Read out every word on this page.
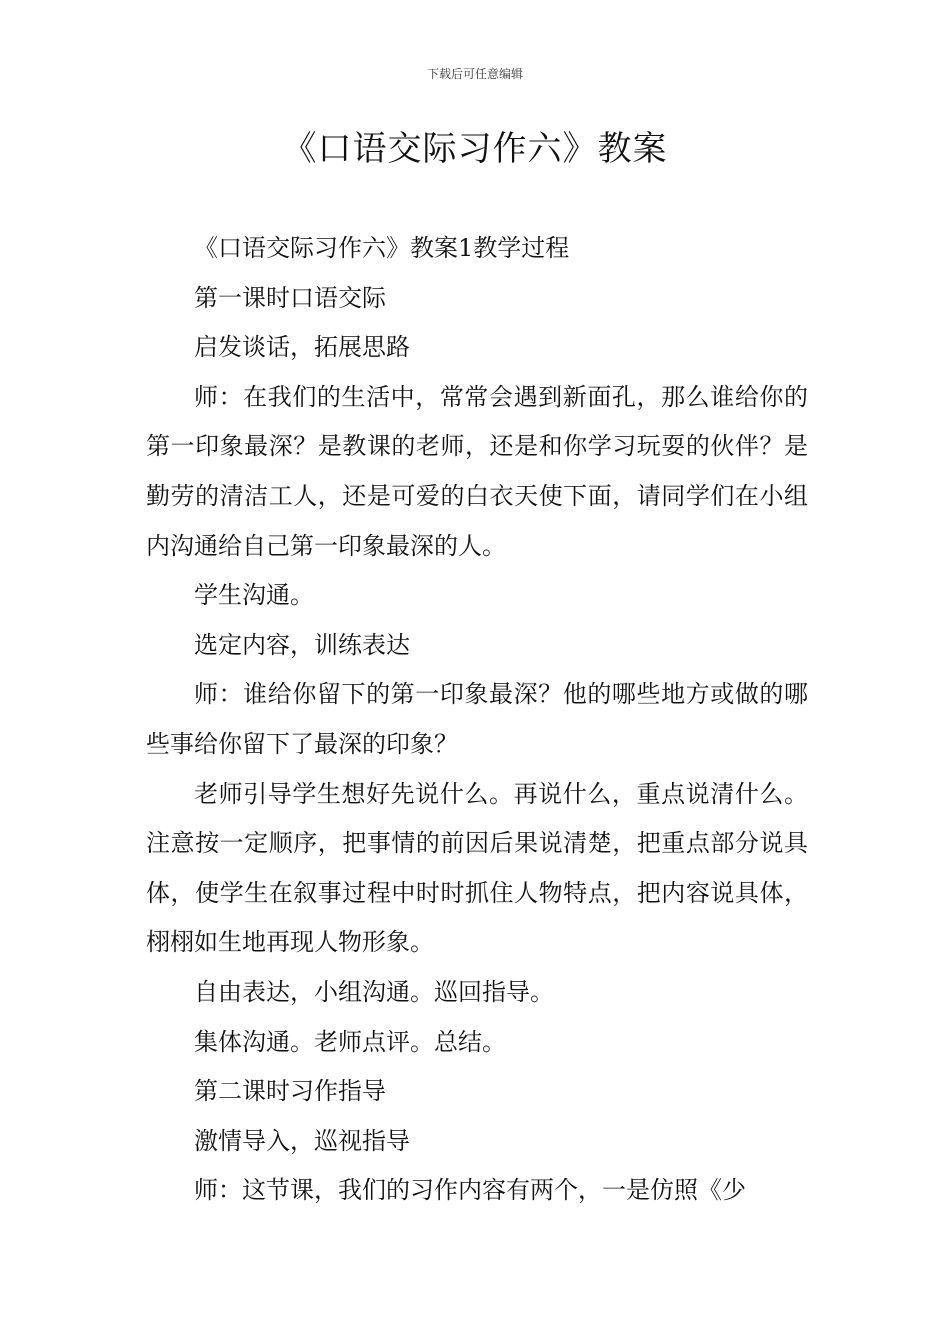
下载后可任意编辑
《口语交际习作六》教案

《口语交际习作六》教案1教学过程

第一课时口语交际

启发谈话，拓展思路

师：在我们的生活中，常常会遇到新面孔，那么谁给你的第一印象最深？是教课的老师，还是和你学习玩耍的伙伴？是勤劳的清洁工人，还是可爱的白衣天使下面，请同学们在小组内沟通给自己第一印象最深的人。

学生沟通。

选定内容，训练表达

师：谁给你留下的第一印象最深？他的哪些地方或做的哪些事给你留下了最深的印象？

老师引导学生想好先说什么。再说什么，重点说清什么。注意按一定顺序，把事情的前因后果说清楚，把重点部分说具体，使学生在叙事过程中时时抓住人物特点，把内容说具体，栩栩如生地再现人物形象。

自由表达，小组沟通。巡回指导。

集体沟通。老师点评。总结。

第二课时习作指导

激情导入，巡视指导

师：这节课，我们的习作内容有两个，一是仿照《少
